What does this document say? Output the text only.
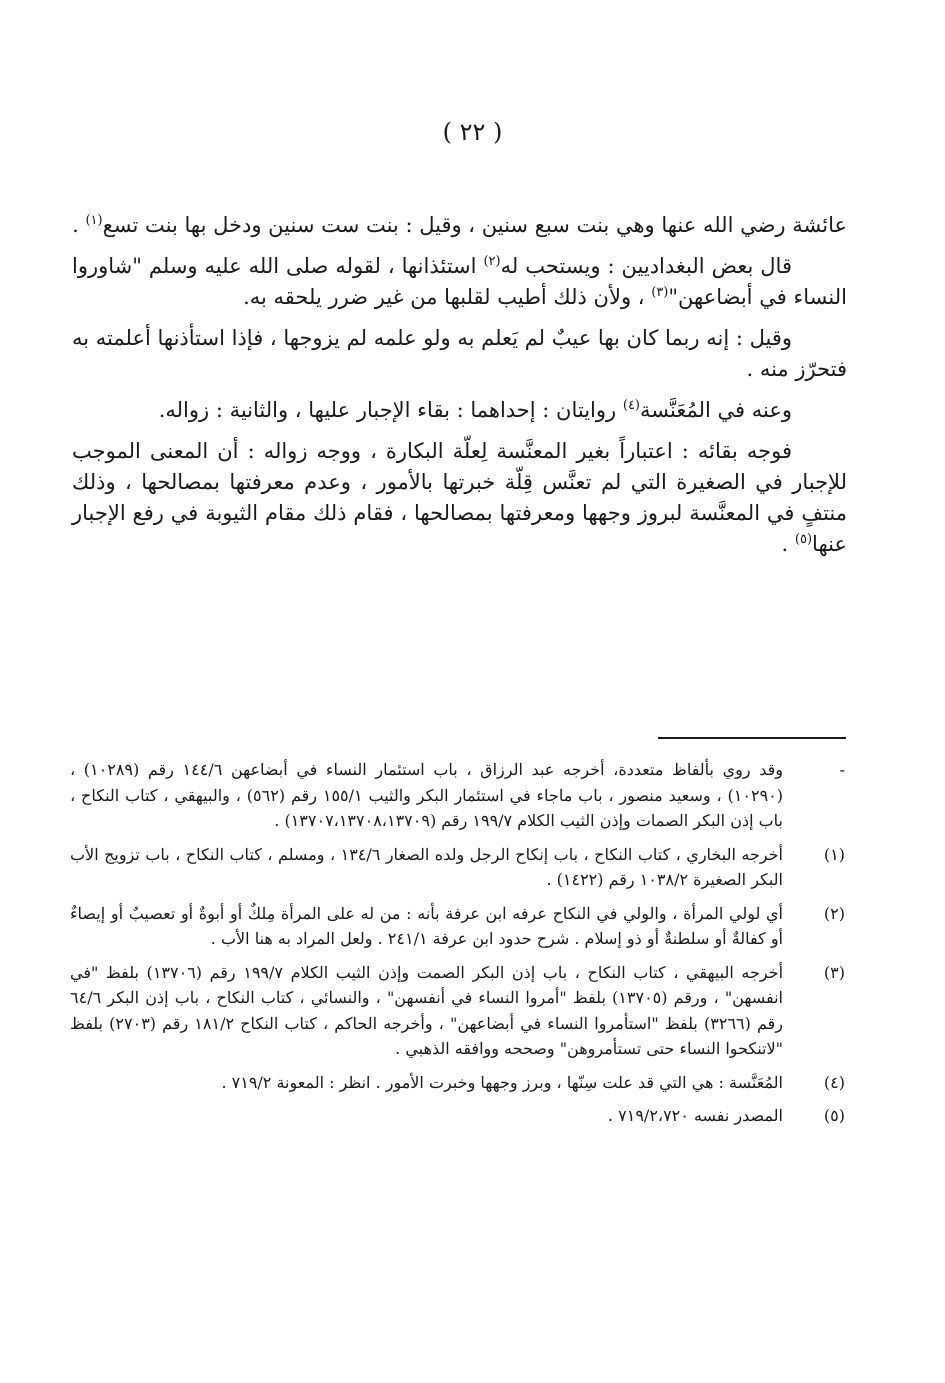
( ٢٢ )

عائشة رضي الله عنها وهي بنت سبع سنين ، وقيل : بنت ست سنين ودخل بها بنت تسع$^{(١)}$ .

قال بعض البغداديين : ويستحب له$^{(٢)}$ استئذانها ، لقوله صلى الله عليه وسلم "شاوروا النساء في أبضاعهن"$^{(٣)}$ ، ولأن ذلك أطيب لقلبها من غير ضرر يلحقه به.

وقيل : إنه ربما كان بها عيبٌ لم يَعلم به ولو علمه لم يزوجها ، فإذا استأذنها أعلمته به فتحرّز منه .

وعنه في المُعَنَّسة$^{(٤)}$ روايتان : إحداهما : بقاء الإجبار عليها ، والثانية : زواله.

فوجه بقائه : اعتباراً بغير المعنَّسة لِعلّة البكارة ، ووجه زواله : أن المعنى الموجب للإجبار في الصغيرة التي لم تعنَّس قِلّة خبرتها بالأمور ، وعدم معرفتها بمصالحها ، وذلك منتفٍ في المعنَّسة لبروز وجهها ومعرفتها بمصالحها ، فقام ذلك مقام الثيوبة في رفع الإجبار عنها$^{(٥)}$ .

-
وقد روي بألفاظ متعددة، أخرجه عبد الرزاق ، باب استئمار النساء في أبضاعهن ١٤٤/٦ رقم (١٠٢٨٩) ، (١٠٢٩٠) ، وسعيد منصور ، باب ماجاء في استئمار البكر والثيب ١٥٥/١ رقم (٥٦٢) ، والبيهقي ، كتاب النكاح ، باب إذن البكر الصمات وإذن الثيب الكلام ١٩٩/٧ رقم (١٣٧٠٧،١٣٧٠٨،١٣٧٠٩) .
(١)
أخرجه البخاري ، كتاب النكاح ، باب إنكاح الرجل ولده الصغار ١٣٤/٦ ، ومسلم ، كتاب النكاح ، باب تزويج الأب البكر الصغيرة ١٠٣٨/٢ رقم (١٤٢٢) .
(٢)
أي لولي المرأة ، والولي في النكاح عرفه ابن عرفة بأنه : من له على المرأة مِلكٌ أو أبوةٌ أو تعصيبٌ أو إيصاءٌ أو كفالةٌ أو سلطنةٌ أو ذو إسلام . شرح حدود ابن عرفة ٢٤١/١ . ولعل المراد به هنا الأب .
(٣)
أخرجه البيهقي ، كتاب النكاح ، باب إذن البكر الصمت وإذن الثيب الكلام ١٩٩/٧ رقم (١٣٧٠٦) بلفظ "في انفسهن" ، ورقم (١٣٧٠٥) بلفظ "أمروا النساء في أنفسهن" ، والنسائي ، كتاب النكاح ، باب إذن البكر ٦٤/٦ رقم (٣٢٦٦) بلفظ "استأمروا النساء في أبضاعهن" ، وأخرجه الحاكم ، كتاب النكاح ١٨١/٢ رقم (٢٧٠٣) بلفظ "لاتنكحوا النساء حتى تستأمروهن" وصححه ووافقه الذهبي .
(٤)
المُعَنَّسة : هي التي قد علت سِنّها ، وبرز وجهها وخبرت الأمور . انظر : المعونة ٧١٩/٢ .
(٥)
المصدر نفسه ٧١٩/٢،٧٢٠ .
